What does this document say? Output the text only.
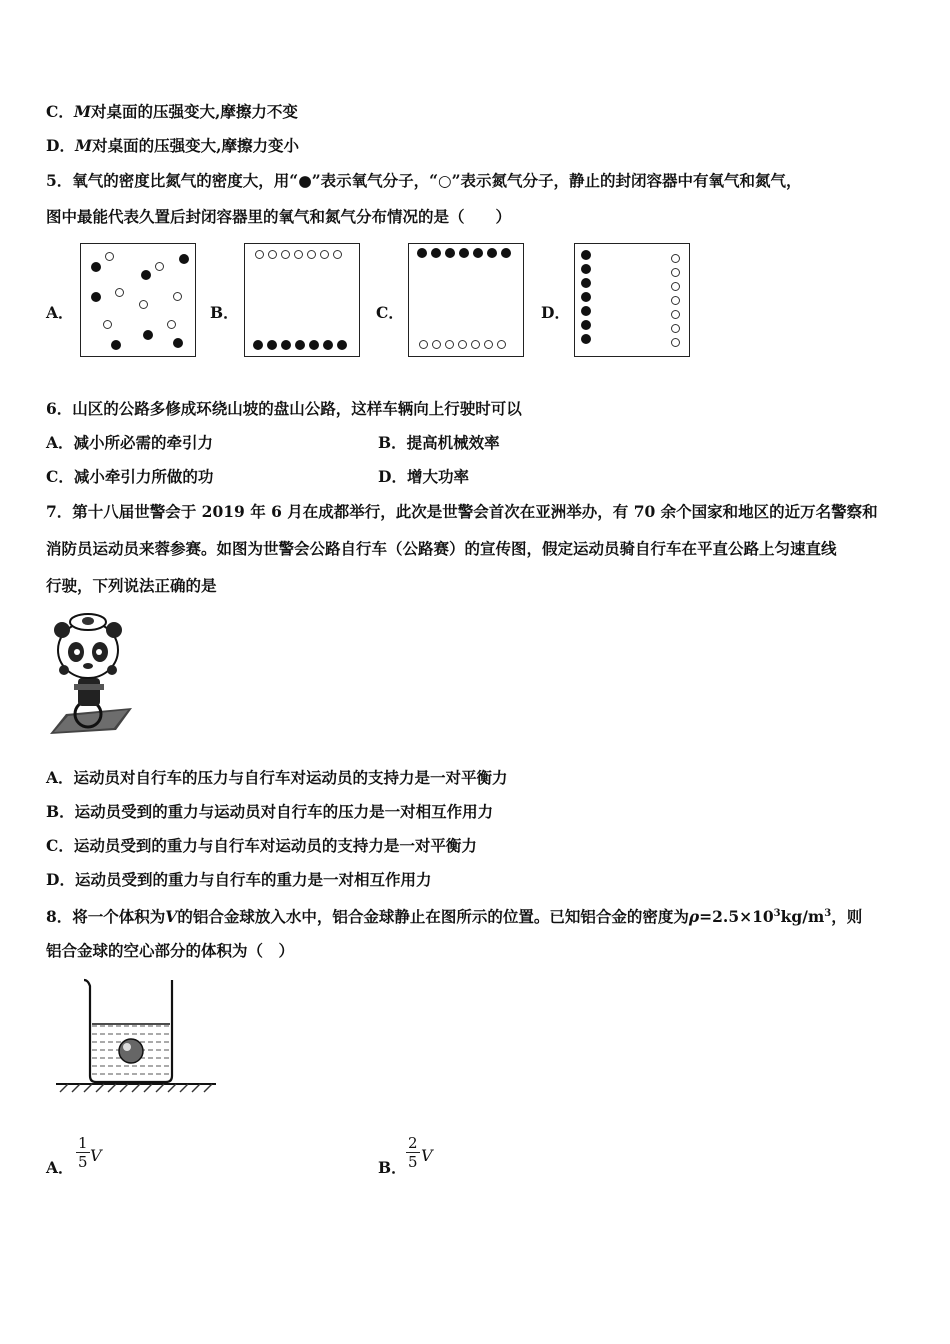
C．M对桌面的压强变大,摩擦力不变
D．M对桌面的压强变大,摩擦力变小
5．氧气的密度比氮气的密度大，用“●”表示氧气分子，“○”表示氮气分子，静止的封闭容器中有氧气和氮气，
图中最能代表久置后封闭容器里的氧气和氮气分布情况的是（　　）
A．	B．	C．	D．
6．山区的公路多修成环绕山坡的盘山公路，这样车辆向上行驶时可以
A．减小所必需的牵引力	B．提高机械效率
C．减小牵引力所做的功	D．增大功率
7．第十八届世警会于 2019 年 6 月在成都举行，此次是世警会首次在亚洲举办，有 70 余个国家和地区的近万名警察和
消防员运动员来蓉参赛。如图为世警会公路自行车（公路赛）的宣传图，假定运动员骑自行车在平直公路上匀速直线
行驶，下列说法正确的是
A．运动员对自行车的压力与自行车对运动员的支持力是一对平衡力
B．运动员受到的重力与运动员对自行车的压力是一对相互作用力
C．运动员受到的重力与自行车对运动员的支持力是一对平衡力
D．运动员受到的重力与自行车的重力是一对相互作用力
8．将一个体积为V的铝合金球放入水中，铝合金球静止在图所示的位置。已知铝合金的密度为$\rho=2.5\times 10^3kg/m^3$，则
铝合金球的空心部分的体积为（　）
A． $\frac{1}{5}$ V
B． $\frac{2}{5}$ V
